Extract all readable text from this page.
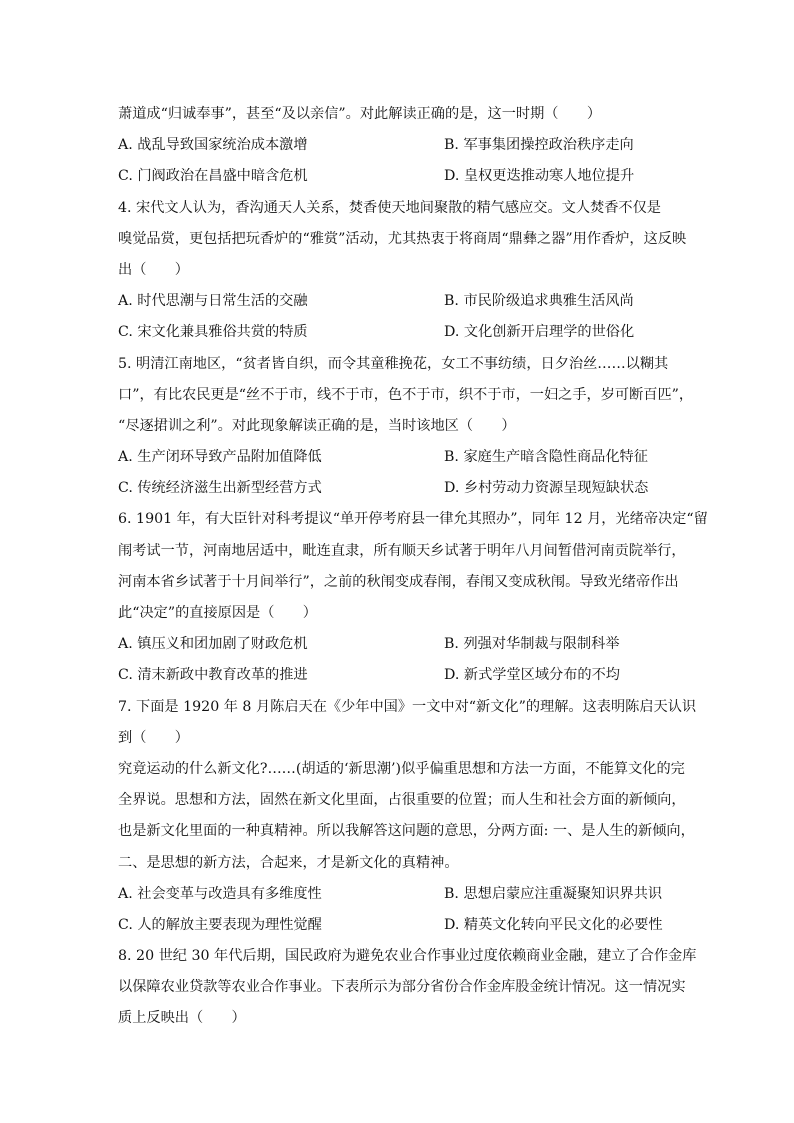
萧道成“归诚奉事”，甚至“及以亲信”。对此解读正确的是，这一时期（　　）
A. 战乱导致国家统治成本激增	B. 军事集团操控政治秩序走向
C. 门阀政治在昌盛中暗含危机	D. 皇权更迭推动寒人地位提升
4. 宋代文人认为，香沟通天人关系，焚香使天地间聚散的精气感应交。文人焚香不仅是
嗅觉品赏，更包括把玩香炉的“雅赏”活动，尤其热衷于将商周“鼎彝之器”用作香炉，这反映
出（　　）
A. 时代思潮与日常生活的交融	B. 市民阶级追求典雅生活风尚
C. 宋文化兼具雅俗共赏的特质	D. 文化创新开启理学的世俗化
5. 明清江南地区，“贫者皆自织，而令其童稚挽花，女工不事纺绩，日夕治丝……以糊其
口”，有比农民更是“丝不于市，线不于市，色不于市，织不于市，一妇之手，岁可断百匹”，
“尽逐捃训之利”。对此现象解读正确的是，当时该地区（　　）
A. 生产闭环导致产品附加值降低	B. 家庭生产暗含隐性商品化特征
C. 传统经济滋生出新型经营方式	D. 乡村劳动力资源呈现短缺状态
6. 1901 年，有大臣针对科考提议“单开停考府县一律允其照办”，同年 12 月，光绪帝决定“留
闱考试一节，河南地居适中，毗连直隶，所有顺天乡试著于明年八月间暂借河南贡院举行，
河南本省乡试著于十月间举行”，之前的秋闱变成春闱，春闱又变成秋闱。导致光绪帝作出
此“决定”的直接原因是（　　）
A. 镇压义和团加剧了财政危机	B. 列强对华制裁与限制科举
C. 清末新政中教育改革的推进	D. 新式学堂区域分布的不均
7. 下面是 1920 年 8 月陈启天在《少年中国》一文中对“新文化”的理解。这表明陈启天认识
到（　　）
究竟运动的什么新文化?……(胡适的‘新思潮’)似乎偏重思想和方法一方面，不能算文化的完
全界说。思想和方法，固然在新文化里面，占很重要的位置；而人生和社会方面的新倾向，
也是新文化里面的一种真精神。所以我解答这问题的意思，分两方面: 一、是人生的新倾向，
二、是思想的新方法，合起来，才是新文化的真精神。
A. 社会变革与改造具有多维度性	B. 思想启蒙应注重凝聚知识界共识
C. 人的解放主要表现为理性觉醒	D. 精英文化转向平民文化的必要性
8. 20 世纪 30 年代后期，国民政府为避免农业合作事业过度依赖商业金融，建立了合作金库
以保障农业贷款等农业合作事业。下表所示为部分省份合作金库股金统计情况。这一情况实
质上反映出（　　）
